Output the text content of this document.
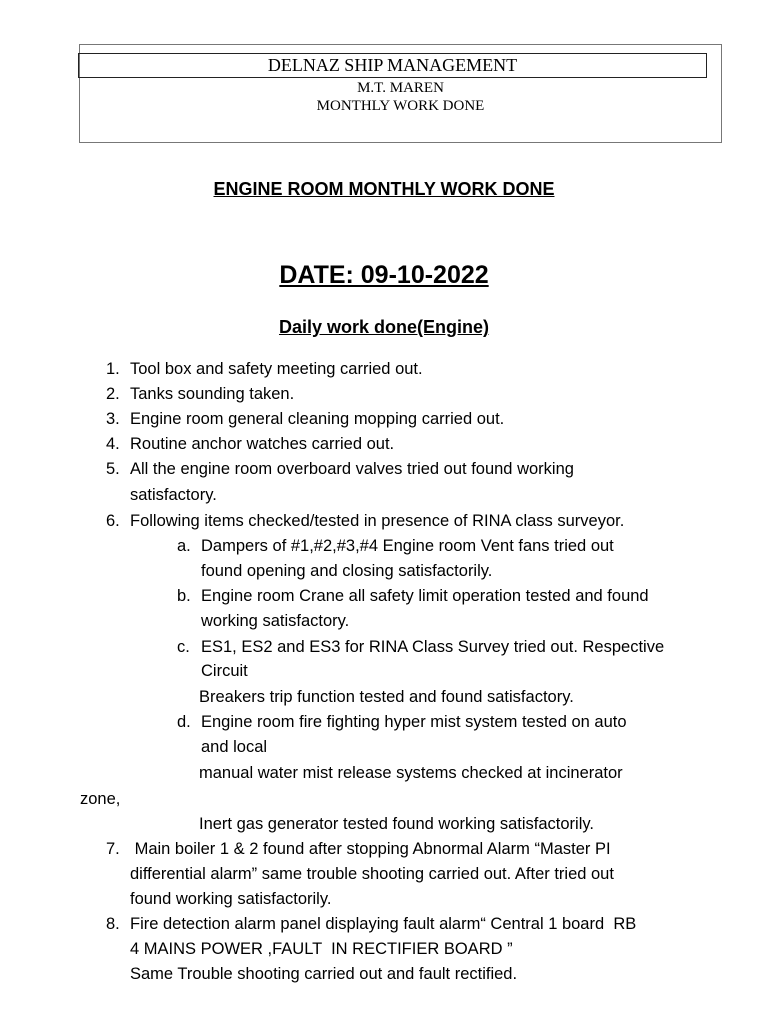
DELNAZ SHIP MANAGEMENT
M.T. MAREN
MONTHLY WORK DONE
ENGINE ROOM MONTHLY WORK DONE
DATE: 09-10-2022
Daily work done(Engine)
1. Tool box and safety meeting carried out.
2. Tanks sounding taken.
3. Engine room general cleaning mopping carried out.
4. Routine anchor watches carried out.
5. All the engine room overboard valves tried out found working
satisfactory.
6. Following items checked/tested in presence of RINA class surveyor.
a. Dampers of #1,#2,#3,#4 Engine room Vent fans tried out
found opening and closing satisfactorily.
b. Engine room Crane all safety limit operation tested and found
working satisfactory.
c. ES1, ES2 and ES3 for RINA Class Survey tried out. Respective
Circuit
Breakers trip function tested and found satisfactory.
d. Engine room fire fighting hyper mist system tested on auto
and local
manual water mist release systems checked at incinerator
zone,
Inert gas generator tested found working satisfactorily.
7. Main boiler 1 & 2 found after stopping Abnormal Alarm “Master PI
differential alarm” same trouble shooting carried out. After tried out
found working satisfactorily.
8. Fire detection alarm panel displaying fault alarm“ Central 1 board  RB
4 MAINS POWER ,FAULT  IN RECTIFIER BOARD ”
Same Trouble shooting carried out and fault rectified.
